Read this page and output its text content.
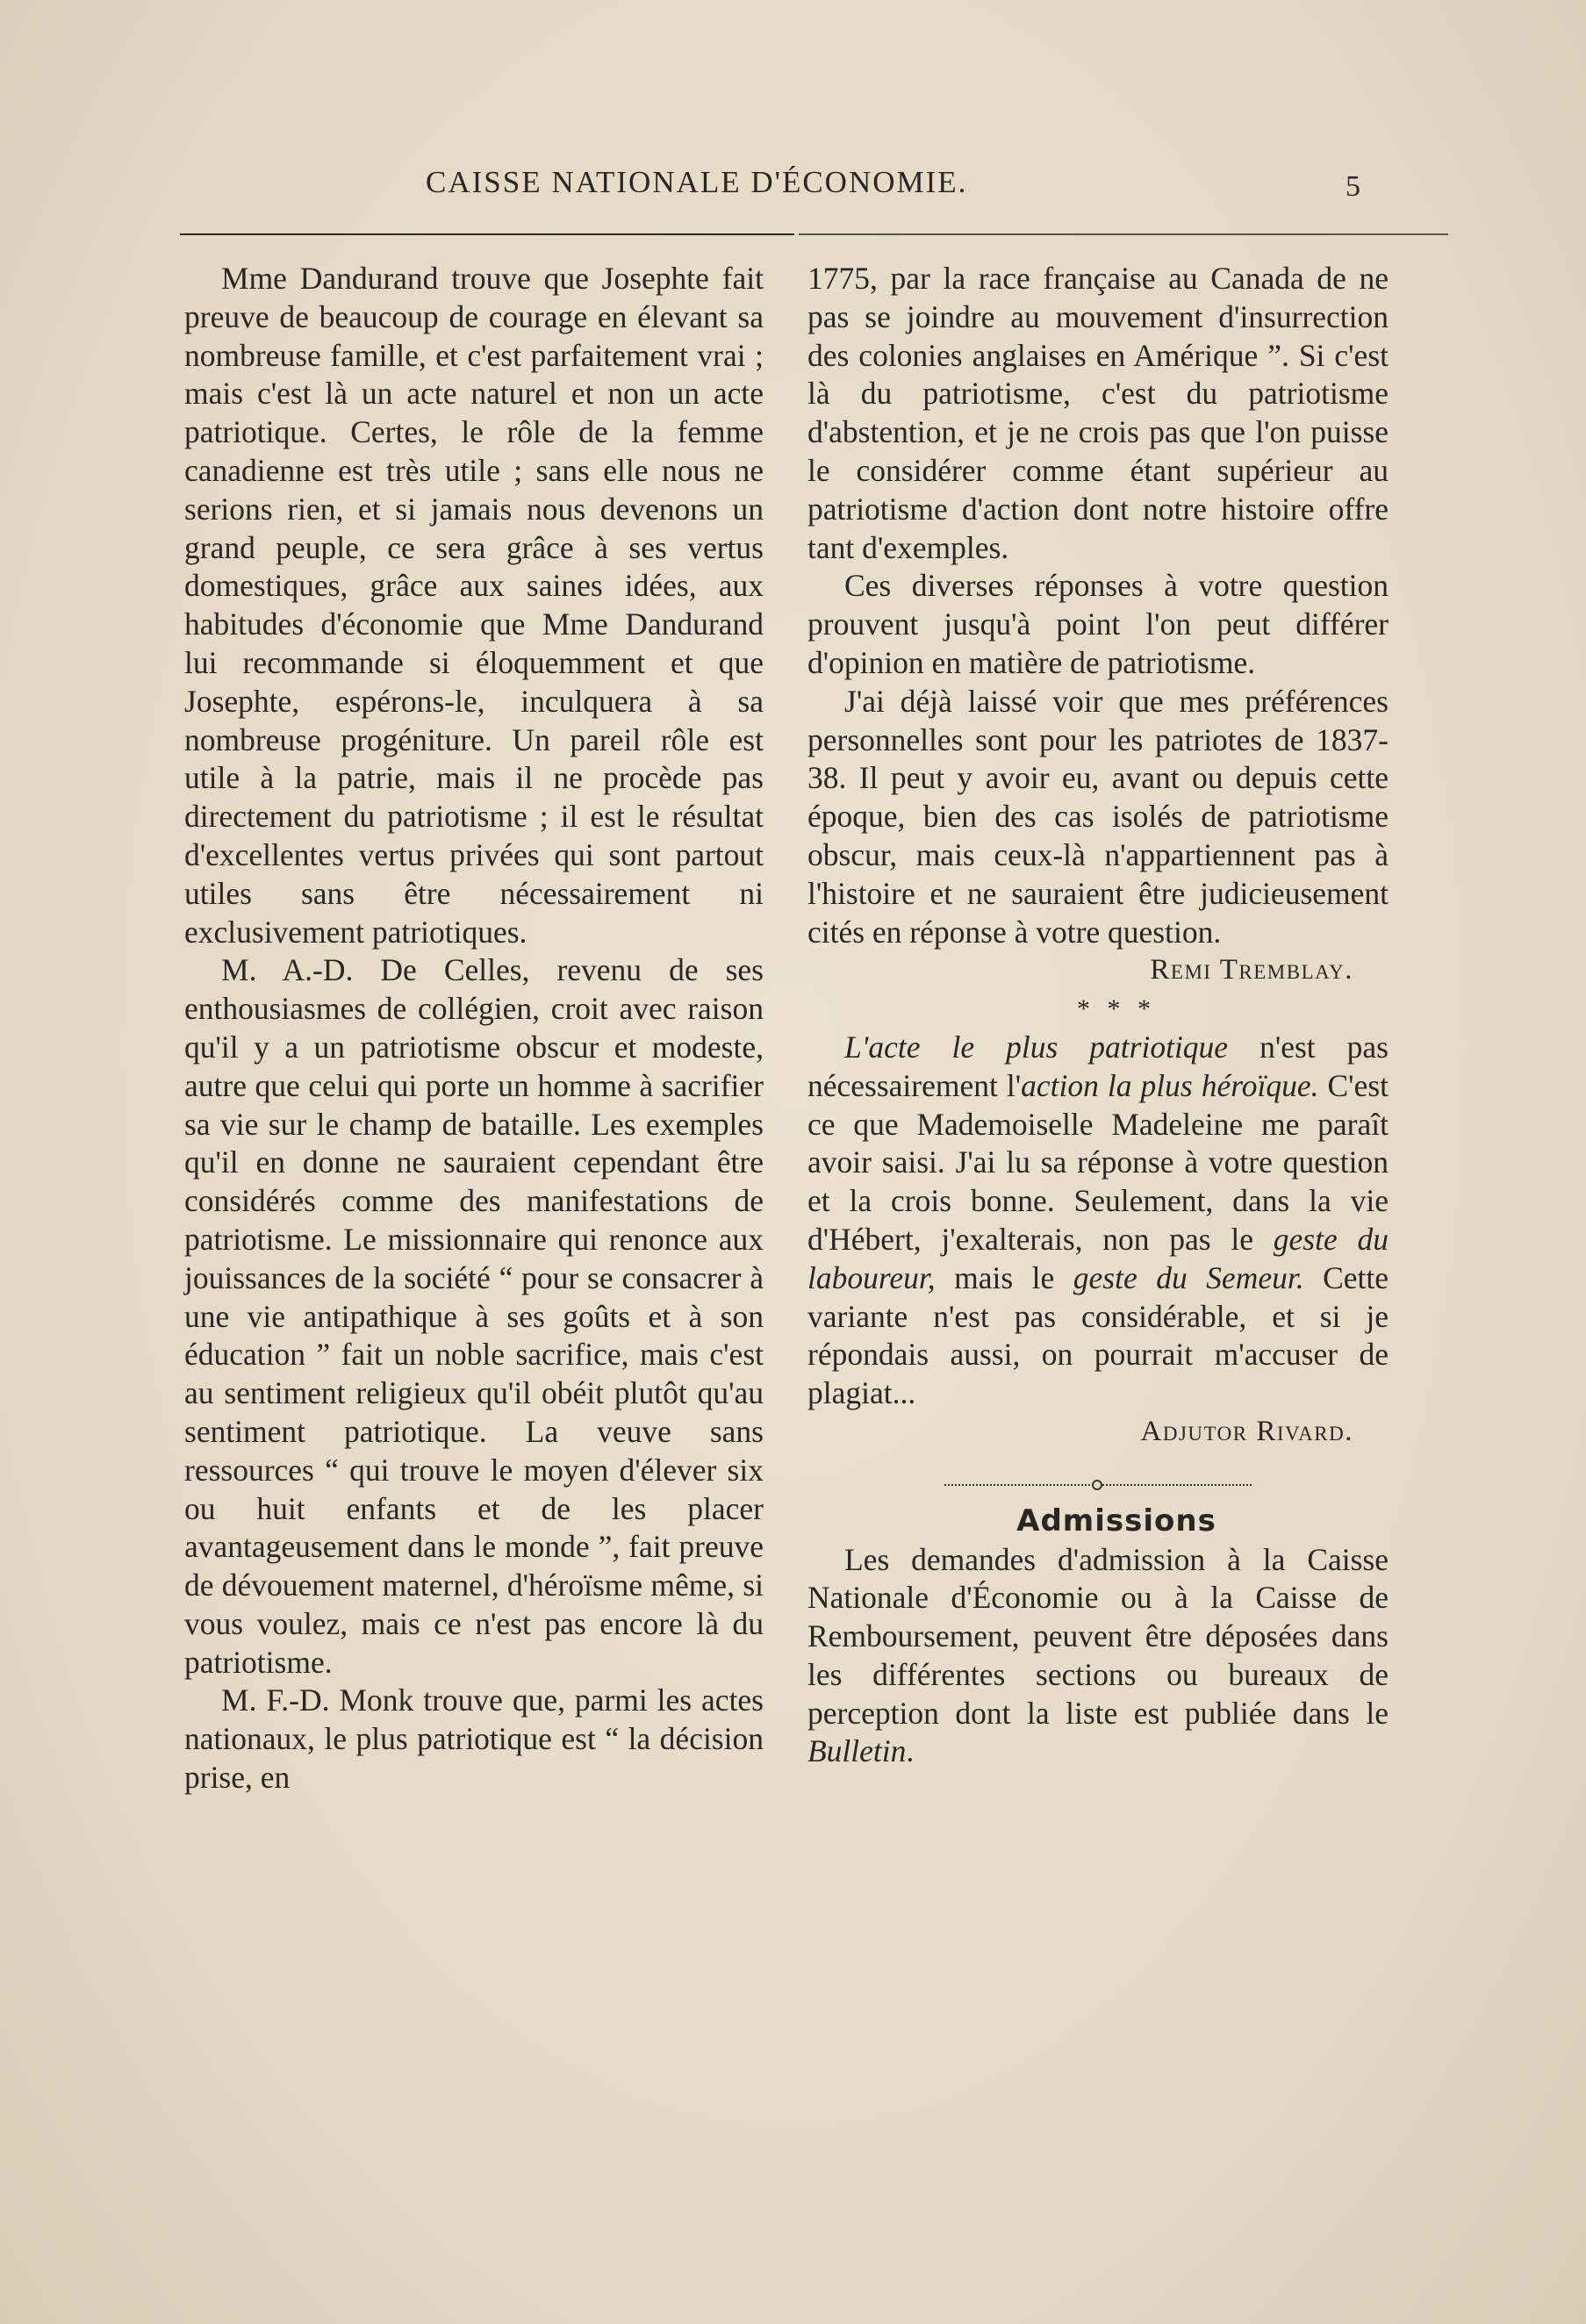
CAISSE NATIONALE D'ÉCONOMIE.	5

Mme Dandurand trouve que Josephte fait preuve de beaucoup de courage en élevant sa nombreuse famille, et c'est parfaitement vrai ; mais c'est là un acte naturel et non un acte patriotique. Certes, le rôle de la femme canadienne est très utile ; sans elle nous ne serions rien, et si jamais nous devenons un grand peuple, ce sera grâce à ses vertus domestiques, grâce aux saines idées, aux habitudes d'économie que Mme Dandurand lui recommande si éloquemment et que Josephte, espérons-le, inculquera à sa nombreuse progéniture. Un pareil rôle est utile à la patrie, mais il ne procède pas directement du patriotisme ; il est le résultat d'excellentes vertus privées qui sont partout utiles sans être nécessairement ni exclusivement patriotiques.

M. A.-D. De Celles, revenu de ses enthousiasmes de collégien, croit avec raison qu'il y a un patriotisme obscur et modeste, autre que celui qui porte un homme à sacrifier sa vie sur le champ de bataille. Les exemples qu'il en donne ne sauraient cependant être considérés comme des manifestations de patriotisme. Le missionnaire qui renonce aux jouissances de la société “ pour se consacrer à une vie antipathique à ses goûts et à son éducation ” fait un noble sacrifice, mais c'est au sentiment religieux qu'il obéit plutôt qu'au sentiment patriotique. La veuve sans ressources “ qui trouve le moyen d'élever six ou huit enfants et de les placer avantageusement dans le monde ”, fait preuve de dévouement maternel, d'héroïsme même, si vous voulez, mais ce n'est pas encore là du patriotisme.

M. F.-D. Monk trouve que, parmi les actes nationaux, le plus patriotique est “ la décision prise, en

1775, par la race française au Canada de ne pas se joindre au mouvement d'insurrection des colonies anglaises en Amérique ”. Si c'est là du patriotisme, c'est du patriotisme d'abstention, et je ne crois pas que l'on puisse le considérer comme étant supérieur au patriotisme d'action dont notre histoire offre tant d'exemples.

Ces diverses réponses à votre question prouvent jusqu'à point l'on peut différer d'opinion en matière de patriotisme.

J'ai déjà laissé voir que mes préférences personnelles sont pour les patriotes de 1837-38. Il peut y avoir eu, avant ou depuis cette époque, bien des cas isolés de patriotisme obscur, mais ceux-là n'appartiennent pas à l'histoire et ne sauraient être judicieusement cités en réponse à votre question.

Remi Tremblay.

* * *

L'acte le plus patriotique n'est pas nécessairement l'action la plus héroïque. C'est ce que Mademoiselle Madeleine me paraît avoir saisi. J'ai lu sa réponse à votre question et la crois bonne. Seulement, dans la vie d'Hébert, j'exalterais, non pas le geste du laboureur, mais le geste du Semeur. Cette variante n'est pas considérable, et si je répondais aussi, on pourrait m'accuser de plagiat...

Adjutor Rivard.

Admissions

Les demandes d'admission à la Caisse Nationale d'Économie ou à la Caisse de Remboursement, peuvent être déposées dans les différentes sections ou bureaux de perception dont la liste est publiée dans le Bulletin.
